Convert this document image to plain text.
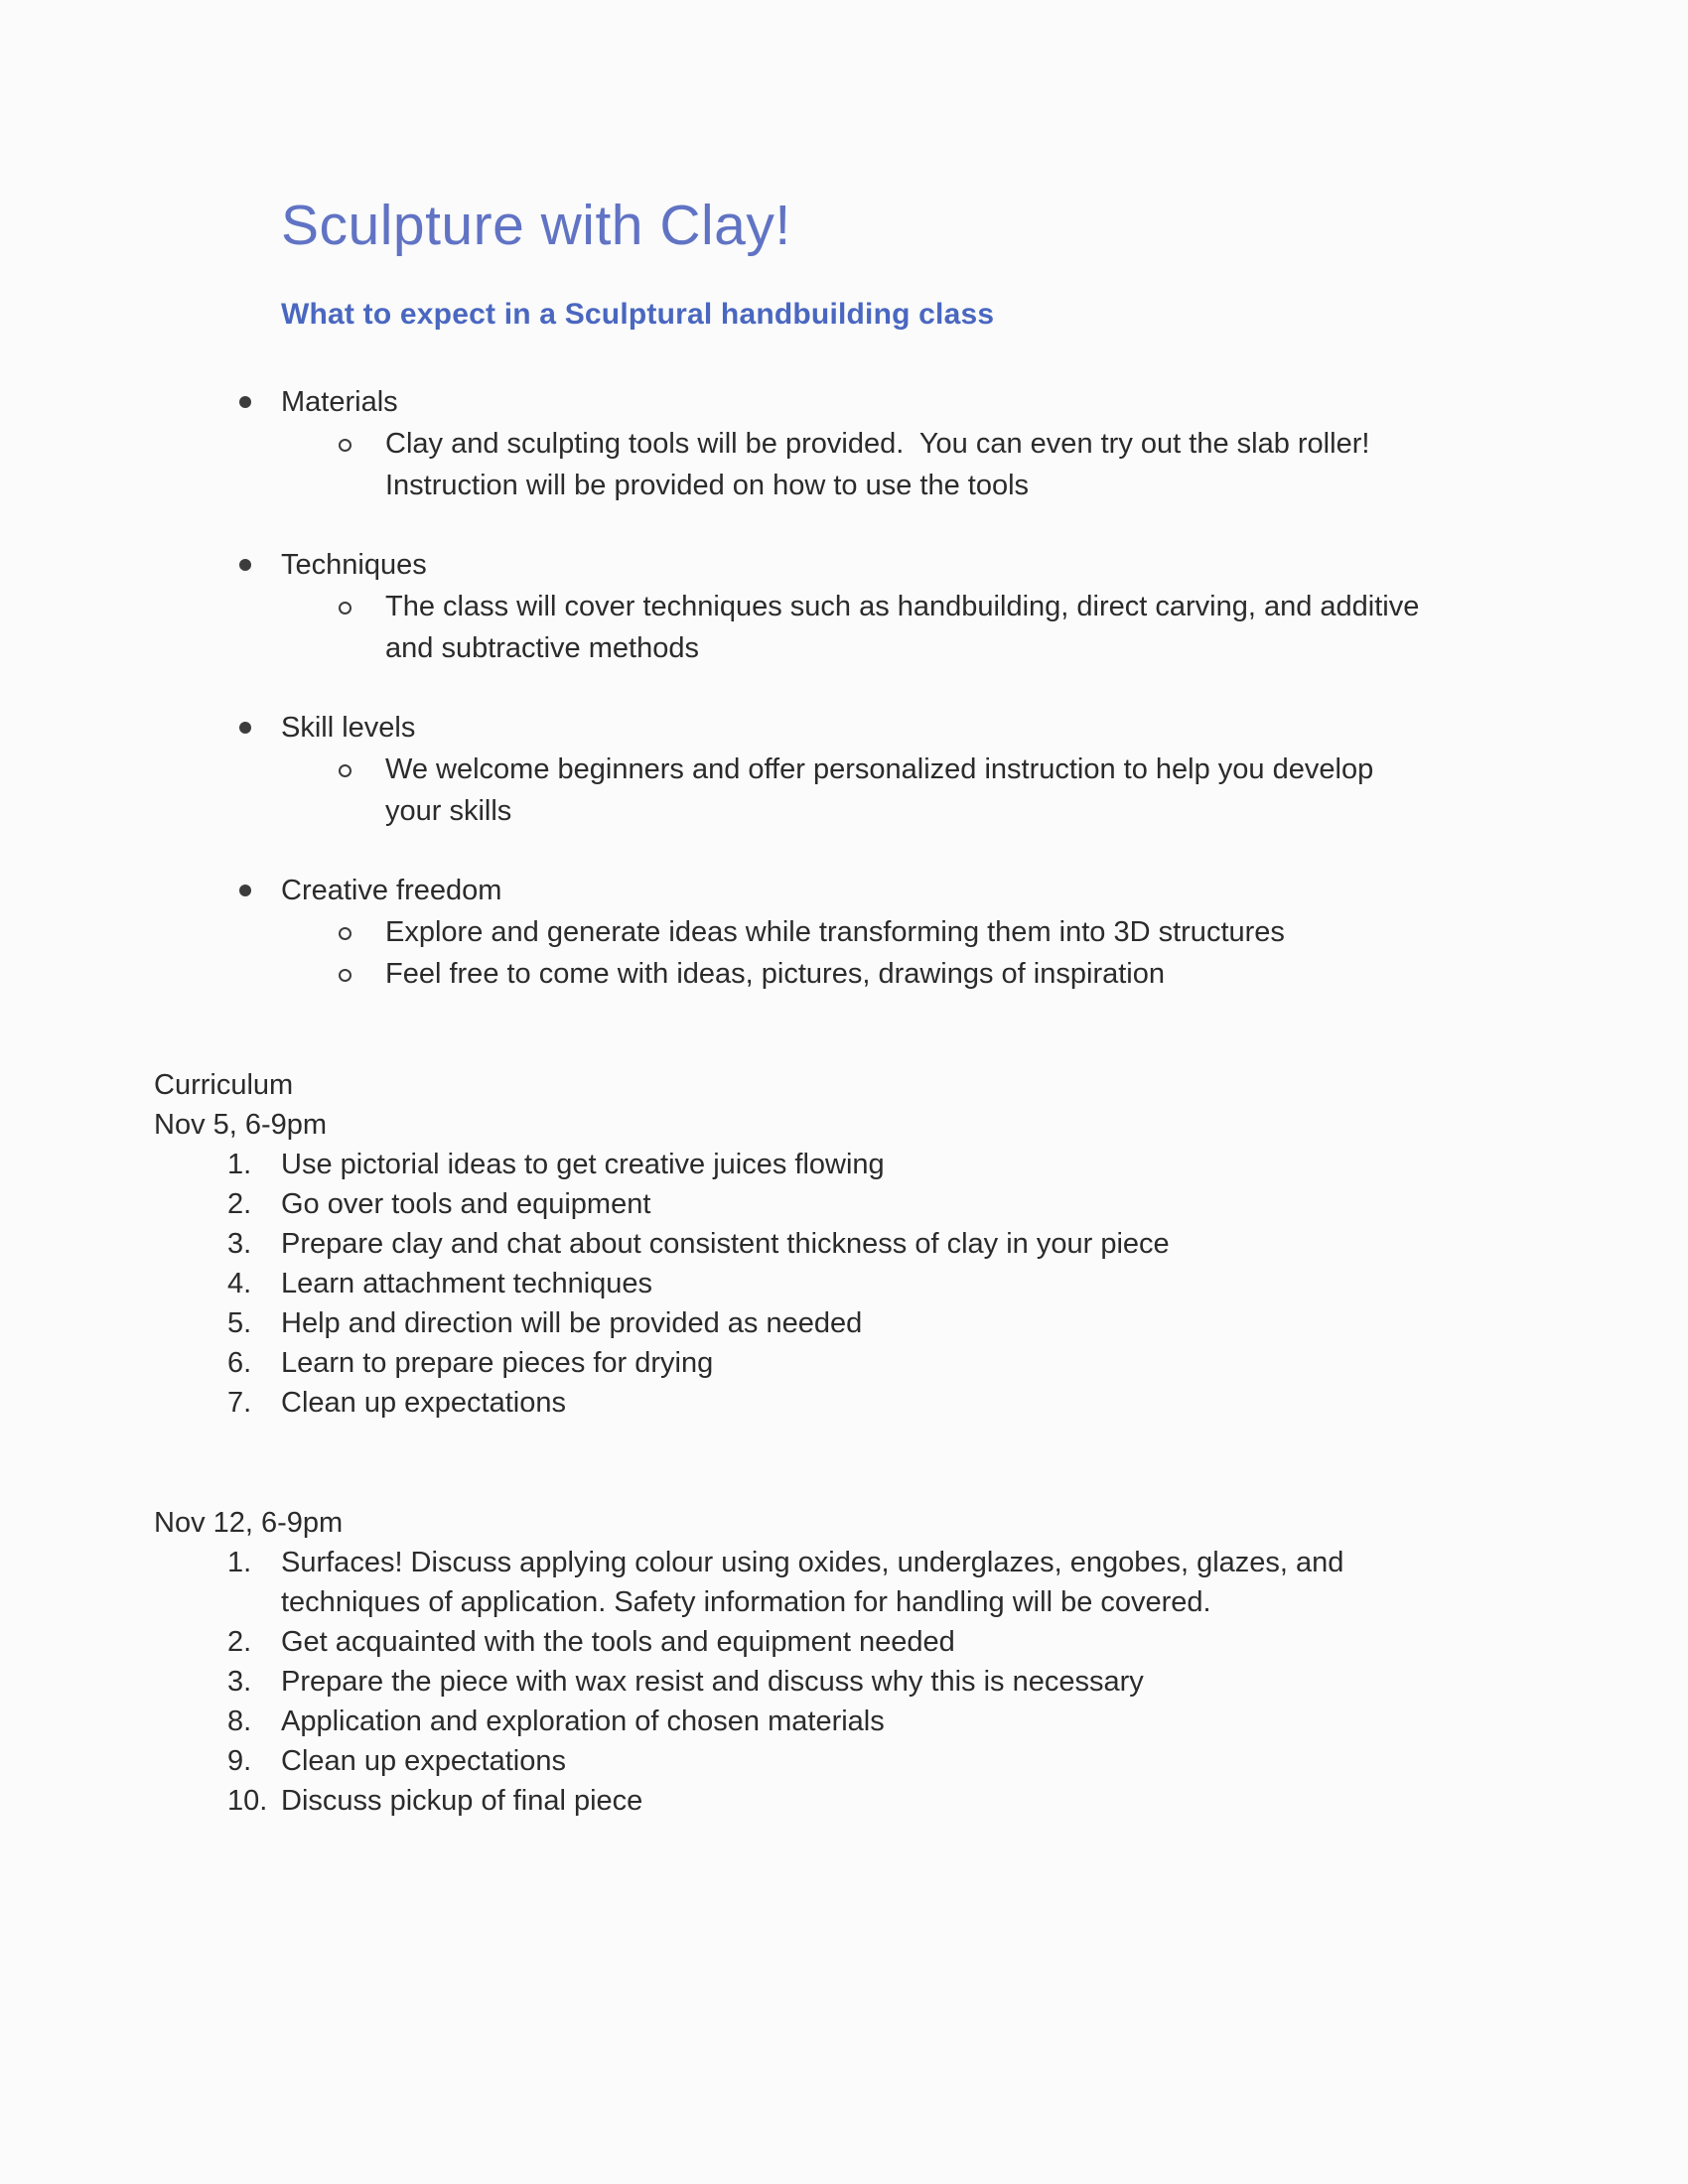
Sculpture with Clay!
What to expect in a Sculptural handbuilding class
Materials
Clay and sculpting tools will be provided.  You can even try out the slab roller!
Instruction will be provided on how to use the tools
Techniques
The class will cover techniques such as handbuilding, direct carving, and additive
and subtractive methods
Skill levels
We welcome beginners and offer personalized instruction to help you develop
your skills
Creative freedom
Explore and generate ideas while transforming them into 3D structures
Feel free to come with ideas, pictures, drawings of inspiration
Curriculum
Nov 5, 6-9pm
1. Use pictorial ideas to get creative juices flowing
2. Go over tools and equipment
3. Prepare clay and chat about consistent thickness of clay in your piece
4. Learn attachment techniques
5. Help and direction will be provided as needed
6. Learn to prepare pieces for drying
7. Clean up expectations
Nov 12, 6-9pm
1. Surfaces! Discuss applying colour using oxides, underglazes, engobes, glazes, and
techniques of application. Safety information for handling will be covered.
2. Get acquainted with the tools and equipment needed
3. Prepare the piece with wax resist and discuss why this is necessary
8. Application and exploration of chosen materials
9. Clean up expectations
10. Discuss pickup of final piece
